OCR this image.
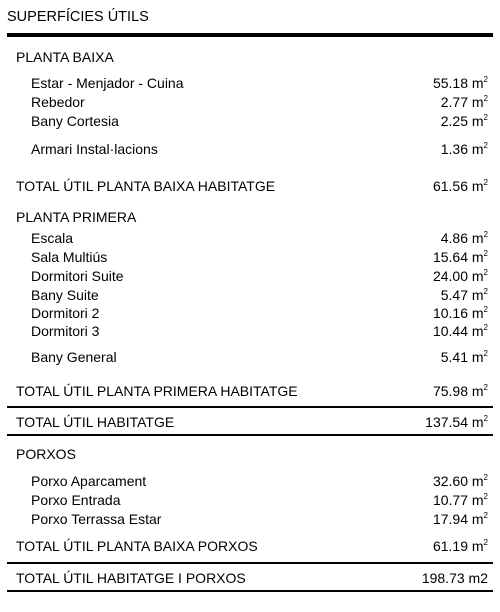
SUPERFÍCIES ÚTILS
PLANTA BAIXA
Estar - Menjador - Cuina	55.18 $m^2$
Rebedor	2.77 $m^2$
Bany Cortesia	2.25 $m^2$
Armari Instal·lacions	1.36 $m^2$
TOTAL ÚTIL PLANTA BAIXA HABITATGE	61.56 $m^2$
PLANTA PRIMERA
Escala	4.86 $m^2$
Sala Multiús	15.64 $m^2$
Dormitori Suite	24.00 $m^2$
Bany Suite	5.47 $m^2$
Dormitori 2	10.16 $m^2$
Dormitori 3	10.44 $m^2$
Bany General	5.41 $m^2$
TOTAL ÚTIL PLANTA PRIMERA HABITATGE	75.98 $m^2$
TOTAL ÚTIL HABITATGE	137.54 $m^2$
PORXOS
Porxo Aparcament	32.60 $m^2$
Porxo Entrada	10.77 $m^2$
Porxo Terrassa Estar	17.94 $m^2$
TOTAL ÚTIL PLANTA BAIXA PORXOS	61.19 $m^2$
TOTAL ÚTIL HABITATGE I PORXOS	198.73 m2
